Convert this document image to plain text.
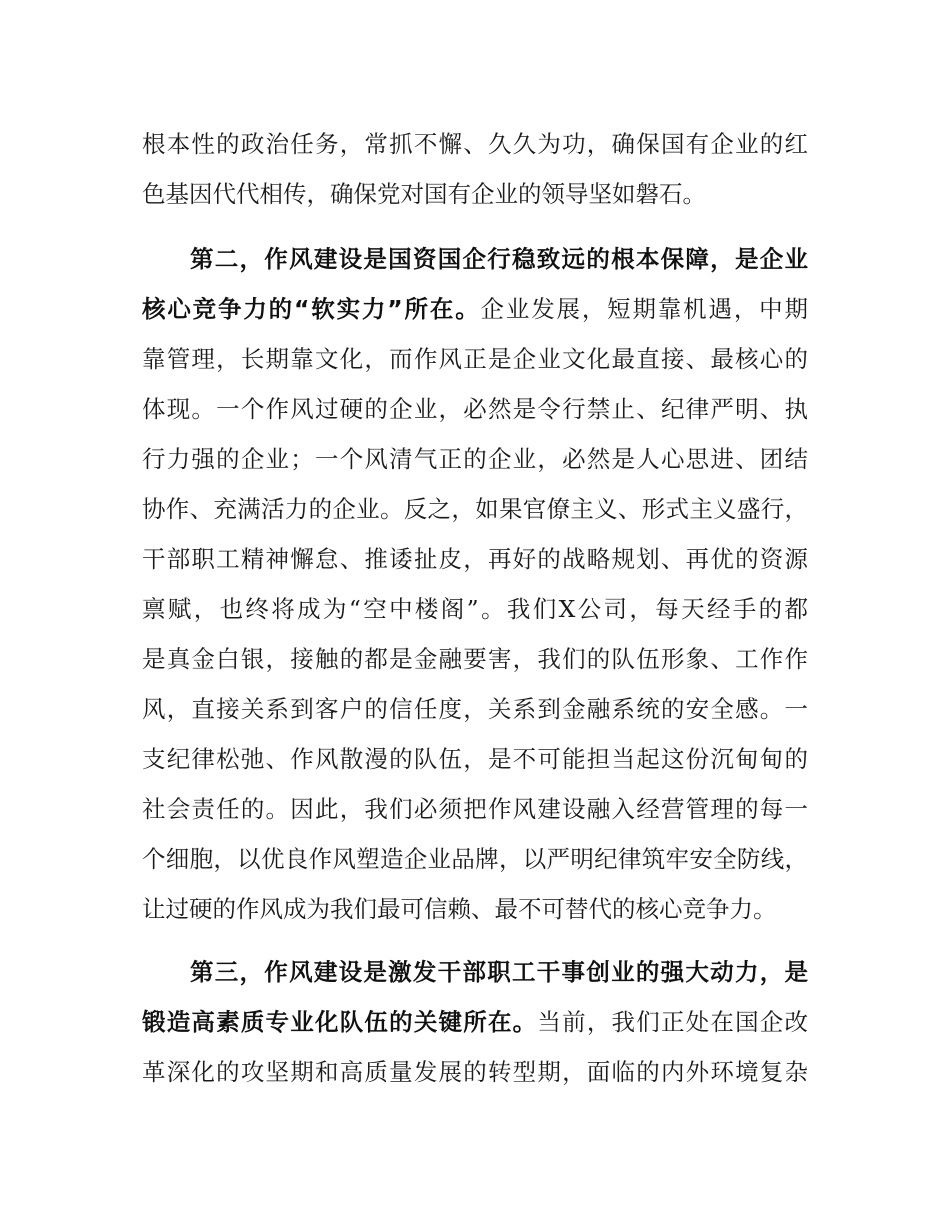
根本性的政治任务，常抓不懈、久久为功，确保国有企业的红
色基因代代相传，确保党对国有企业的领导坚如磐石。
第二，作风建设是国资国企行稳致远的根本保障，是企业
核心竞争力的“软实力”所在。企业发展，短期靠机遇，中期
靠管理，长期靠文化，而作风正是企业文化最直接、最核心的
体现。一个作风过硬的企业，必然是令行禁止、纪律严明、执
行力强的企业；一个风清气正的企业，必然是人心思进、团结
协作、充满活力的企业。反之，如果官僚主义、形式主义盛行，
干部职工精神懈怠、推诿扯皮，再好的战略规划、再优的资源
禀赋，也终将成为“空中楼阁”。我们X公司，每天经手的都
是真金白银，接触的都是金融要害，我们的队伍形象、工作作
风，直接关系到客户的信任度，关系到金融系统的安全感。一
支纪律松弛、作风散漫的队伍，是不可能担当起这份沉甸甸的
社会责任的。因此，我们必须把作风建设融入经营管理的每一
个细胞，以优良作风塑造企业品牌，以严明纪律筑牢安全防线，
让过硬的作风成为我们最可信赖、最不可替代的核心竞争力。
第三，作风建设是激发干部职工干事创业的强大动力，是
锻造高素质专业化队伍的关键所在。当前，我们正处在国企改
革深化的攻坚期和高质量发展的转型期，面临的内外环境复杂
